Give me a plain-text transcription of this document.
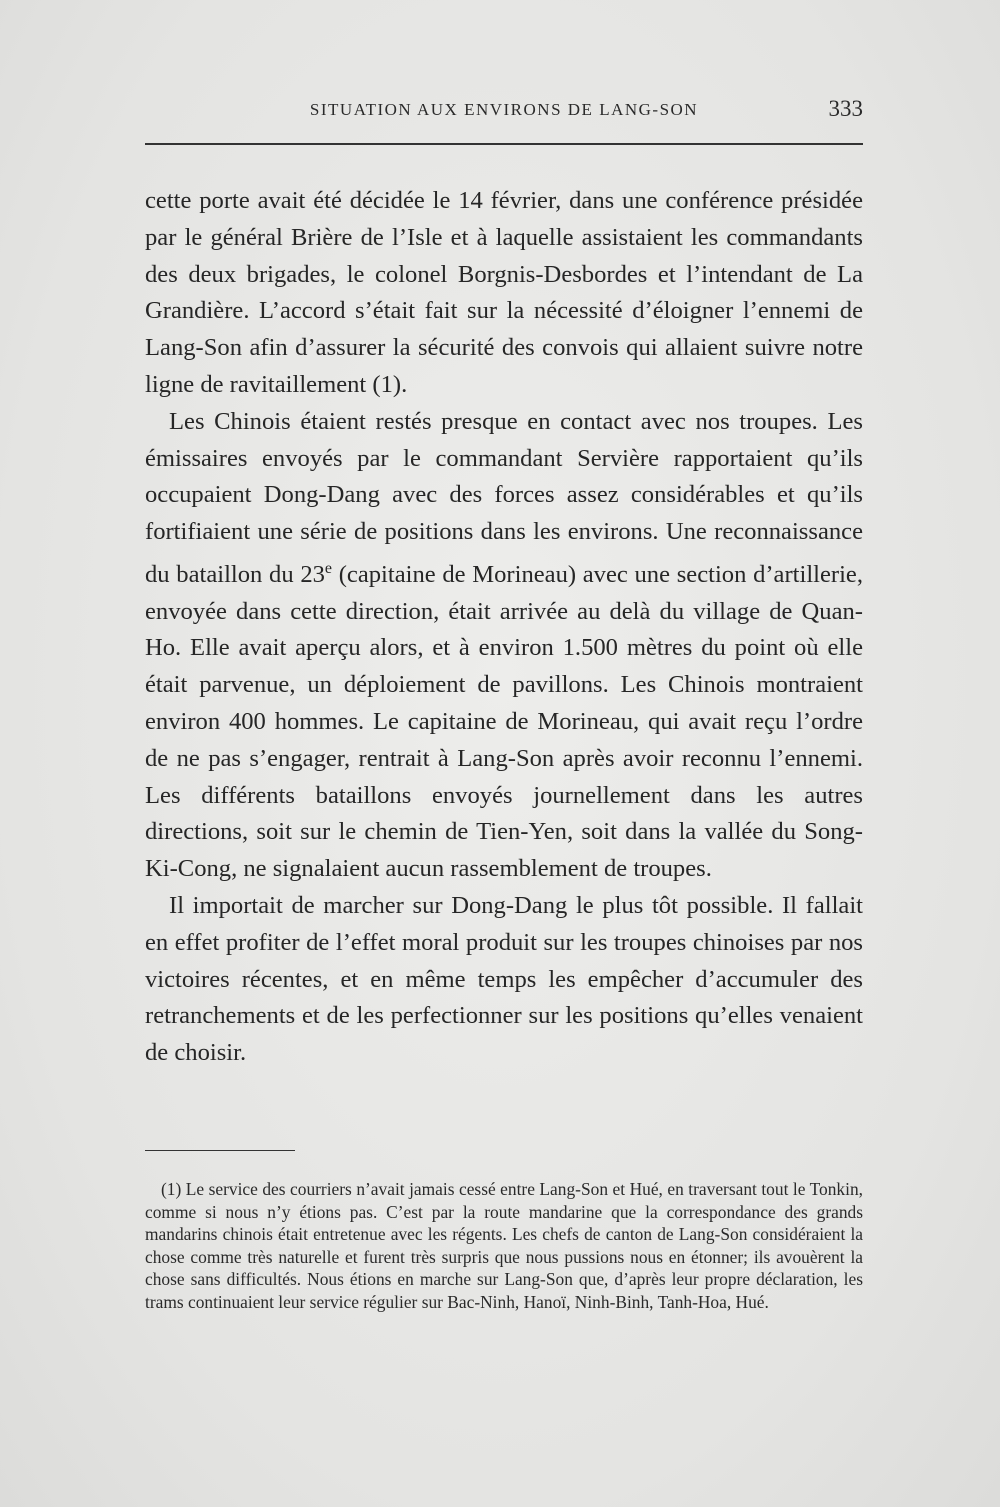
SITUATION AUX ENVIRONS DE LANG-SON	333

cette porte avait été décidée le 14 février, dans une conférence présidée par le général Brière de l’Isle et à laquelle assistaient les commandants des deux brigades, le colonel Borgnis-Desbordes et l’intendant de La Grandière. L’accord s’était fait sur la nécessité d’éloigner l’ennemi de Lang-Son afin d’assurer la sécurité des convois qui allaient suivre notre ligne de ravitaillement (1).

Les Chinois étaient restés presque en contact avec nos troupes. Les émissaires envoyés par le commandant Servière rapportaient qu’ils occupaient Dong-Dang avec des forces assez considérables et qu’ils fortifiaient une série de positions dans les environs. Une reconnaissance du bataillon du 23e (capitaine de Morineau) avec une section d’artillerie, envoyée dans cette direction, était arrivée au delà du village de Quan-Ho. Elle avait aperçu alors, et à environ 1.500 mètres du point où elle était parvenue, un déploiement de pavillons. Les Chinois montraient environ 400 hommes. Le capitaine de Morineau, qui avait reçu l’ordre de ne pas s’engager, rentrait à Lang-Son après avoir reconnu l’ennemi. Les différents bataillons envoyés journellement dans les autres directions, soit sur le chemin de Tien-Yen, soit dans la vallée du Song-Ki-Cong, ne signalaient aucun rassemblement de troupes.

Il importait de marcher sur Dong-Dang le plus tôt possible. Il fallait en effet profiter de l’effet moral produit sur les troupes chinoises par nos victoires récentes, et en même temps les empêcher d’accumuler des retranchements et de les perfectionner sur les positions qu’elles venaient de choisir.

(1) Le service des courriers n’avait jamais cessé entre Lang-Son et Hué, en traversant tout le Tonkin, comme si nous n’y étions pas. C’est par la route mandarine que la correspondance des grands mandarins chinois était entretenue avec les régents. Les chefs de canton de Lang-Son considéraient la chose comme très naturelle et furent très surpris que nous pussions nous en étonner; ils avouèrent la chose sans difficultés. Nous étions en marche sur Lang-Son que, d’après leur propre déclaration, les trams continuaient leur service régulier sur Bac-Ninh, Hanoï, Ninh-Binh, Tanh-Hoa, Hué.
